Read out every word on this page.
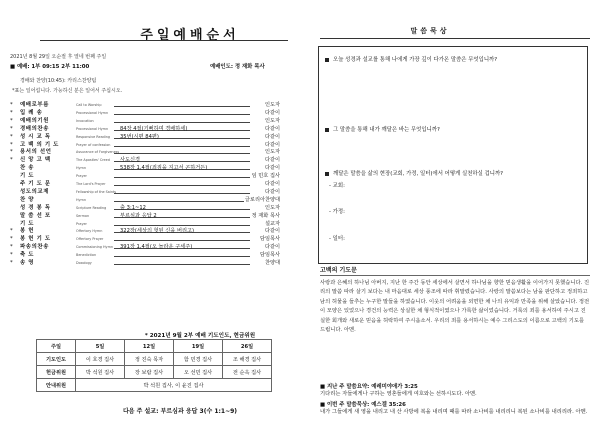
주일예배순서
2021년 8월 29일 오순절 후 열네 번째 주일
■ 예배: 1부 09:15 2부 11:00	예배인도: 정 재화 목사
경배와 찬양(10:45): 카리스찬양팀
*표는 일어섭니다. 가능하신 분은 일어서 주십시오.
*	예배로부름	Call to Worship	인도자
*	입 례 송	Processional Hymn	다같이
*	예배의기원	Invocation	인도자
*	경배의찬송	Processional Hymn 84장 4절(기뻐하며 경배하세)	다같이
*	성 시 교 독	Responsive Reading 35번(시편 84편)	다같이
*	고 백 의 기 도	Prayer of confession	다같이
*	용서의 선언	Assurance of Forgiveness	인도자
*	신 앙 고 백	The Apostles' Creed 사도신경	다같이
찬 송	Hymn	538장 1,4절(죄짐을 지고서 곤하거든)	다같이
기 도	Prayer	임 민호 집사
주 기 도 문	The Lord's Prayer	다같이
성도의교제	Fellowship of the Saints	다같이
찬 양	Hymn	글로리아찬양대
성 경 봉 독	Scripture Reading	출 3:1~12	인도자
말 씀 선 포	Sermon	부르심과 응답 2	정 재화 목사
기 도	Prayer	설교자
*	봉 헌	Offertory Hymn	322장(세상의 헛된 신을 버리고)	다같이
*	봉 헌 기 도	Offertory Prayer	담임목사
*	파송의찬송	Commissioning Hymn 391장 1,4절(오 놀라운 구세주)	다같이
*	축 도	Benediction	담임목사
*	송 영	Doxology	찬양대
* 2021년 9월 2부 예배 기도인도, 현금위원
주일	5일	12일	19일	26일
기도인도	이 호경 집사	정 진숙 목자	함 민경 집사	조 해경 집사
헌금위원	박 석원 집사	장 보람 집사	오 선민 집사	전 순옥 집사
안내위원	박 석원 집사, 이 윤진 집사			
다음 주 설교: 부르심과 응답 3(수 1:1~9)
말씀묵상
오늘 성경과 설교를 통해 나에게 가장 깊이 다가온 말씀은 무엇입니까?
그 말씀을 통해 내가 깨달은 바는 무엇입니까?
깨달은 말씀을 삶의 현장(교회, 가정, 일터)에서 어떻게 실천하실 겁니까?
- 교회:
- 가정:
- 일터:
고백의 기도문
사랑과 은혜의 하나님 아버지, 지난 한 주간 동안 세상에서 살면서 하나님을 향한 믿음생활을 이어가지 못했습니다. 진리의 말씀 따라 살기 보다는 내 마음대로 세상 풍조에 따라 휘말렸습니다. 사랑의 말씀보다는 남을 판단하고 정죄하고 남의 허물을 들추는 누구한 말들을 하였습니다. 이웃의 어려움을 외면한 채 나의 유익과 만족을 위해 살았습니다. 정전이 모양은 있었으나 경건의 능력은 상실한 채 형식적이였으나 가록한 삶이었습니다. 거룩의 죄를 용서하여 주시고 진실한 회개와 새로운 믿음을 허락하여 주시옵소서. 우리의 죄를 용서하시는 예수 그리스도의 이름으로 고백의 기도를 드립니다. 아멘.
■ 지난 주 말씀요약: 예레미야애가 3:25
기다리는 자들에게나 구하는 영혼들에게 여호와는 선하시도다. 아멘.
■ 이번 주 말씀묵상: 예스겔 35:26
내가 그들에게 새 영을 내리고 내 산 사방에 복을 내리며 때를 따라 소나비를 내리리니 복된 소나비를 내리리라. 아멘.
